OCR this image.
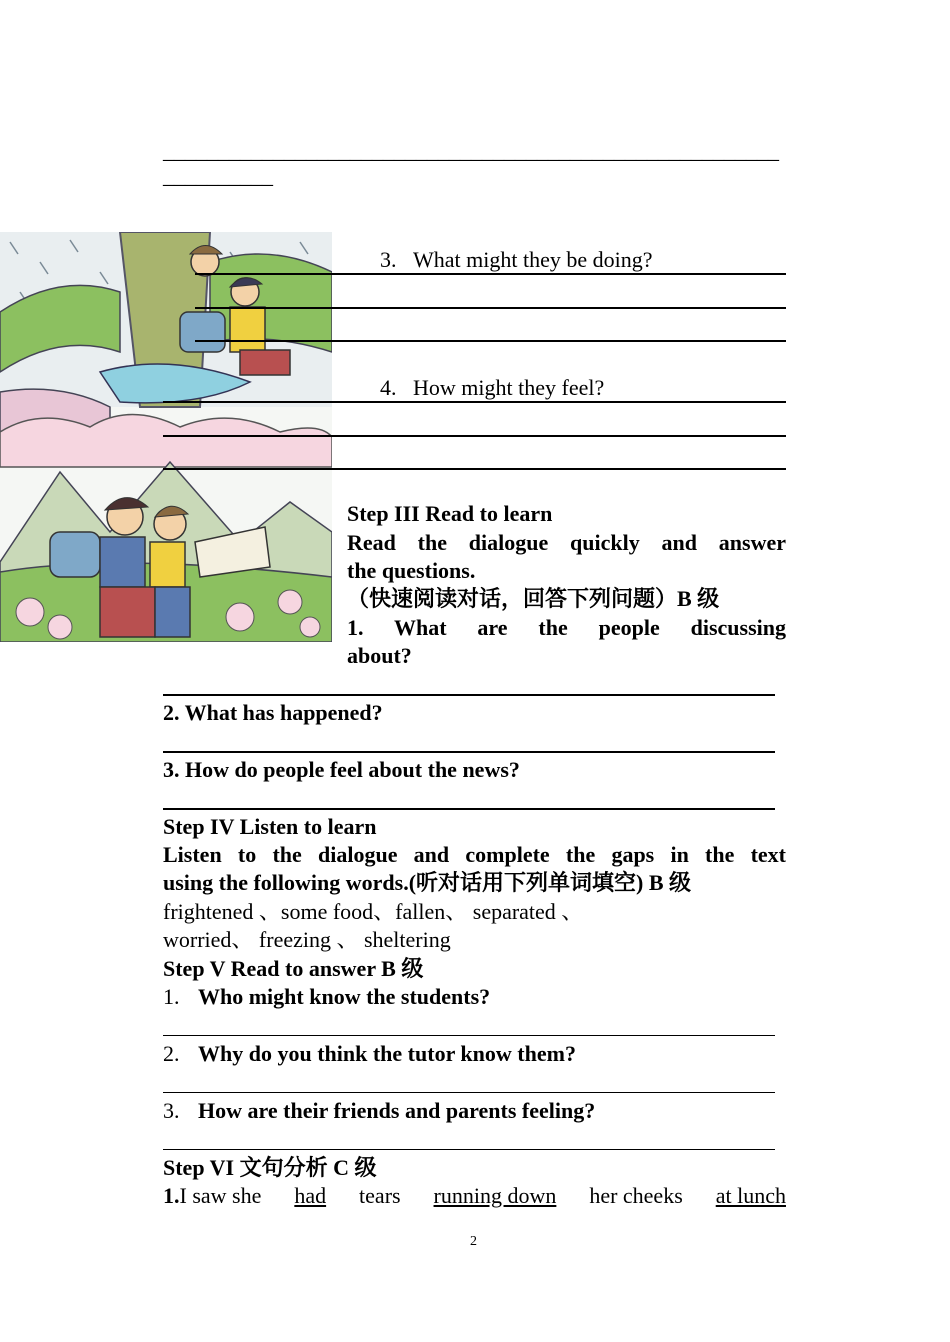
________________________________________________________
__________
3. What might they be doing?
4. How might they feel?
Step III Read to learn
Read the dialogue quickly and answer
the questions.
（快速阅读对话，回答下列问题）B 级
1. What are the people discussing
about?
2. What has happened?
3. How do people feel about the news?
Step IV Listen to learn
Listen to the dialogue and complete the gaps in the text
using the following words.(听对话用下列单词填空) B 级
frightened 、some food、fallen、 separated 、
worried、 freezing 、 sheltering
Step V Read to answer B 级
1. Who might know the students?
2. Why do you think the tutor know them?
3. How are their friends and parents feeling?
Step VI 文句分析 C 级
1.I saw she had tears running down her cheeks at lunch
2
